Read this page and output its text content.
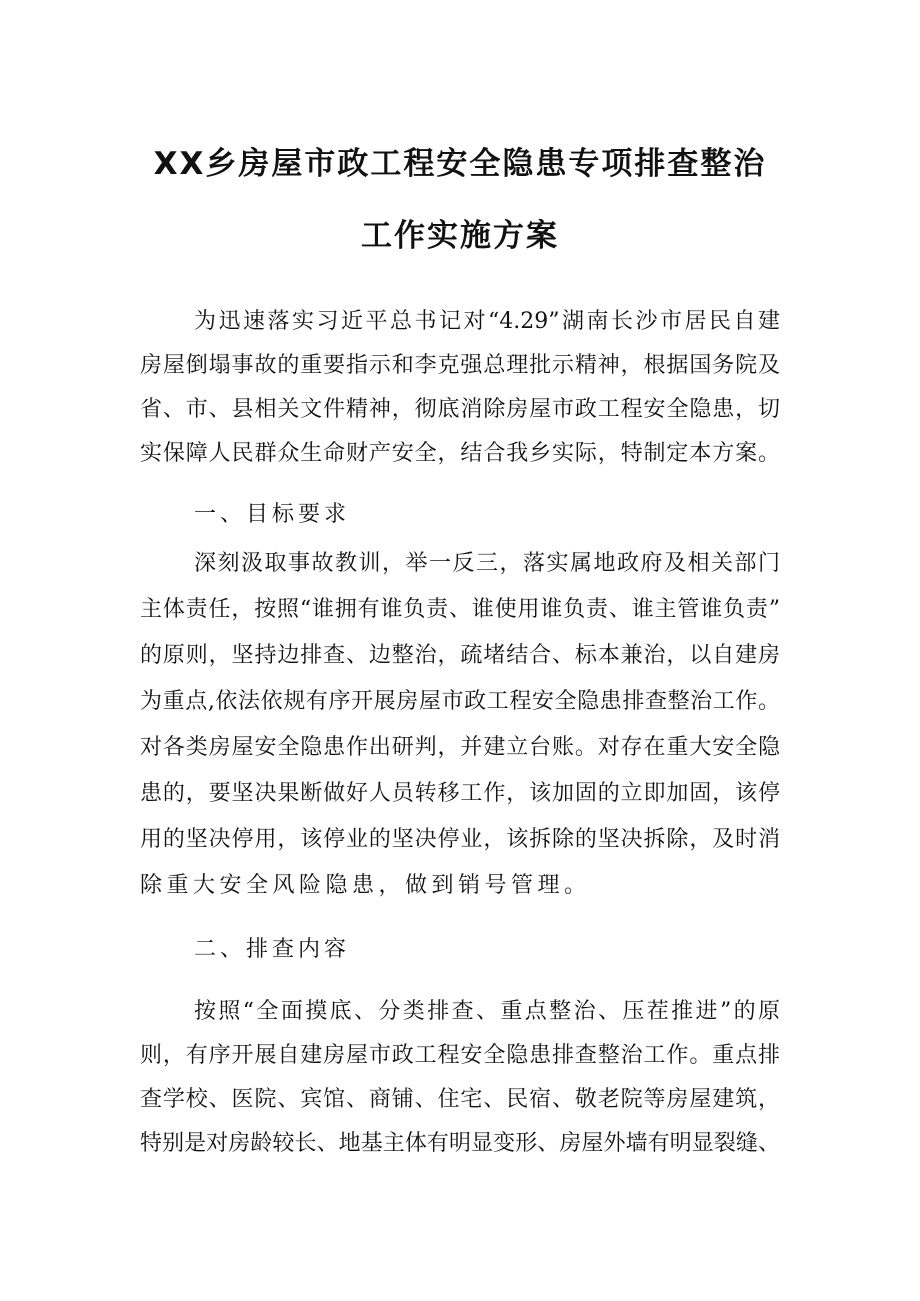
XX乡房屋市政工程安全隐患专项排查整治
工作实施方案
为迅速落实习近平总书记对“4.29”湖南长沙市居民自建
房屋倒塌事故的重要指示和李克强总理批示精神，根据国务院及
省、市、县相关文件精神，彻底消除房屋市政工程安全隐患，切
实保障人民群众生命财产安全，结合我乡实际，特制定本方案。
一、目标要求
深刻汲取事故教训，举一反三，落实属地政府及相关部门
主体责任，按照“谁拥有谁负责、谁使用谁负责、谁主管谁负责”
的原则，坚持边排查、边整治，疏堵结合、标本兼治，以自建房
为重点,依法依规有序开展房屋市政工程安全隐患排查整治工作。
对各类房屋安全隐患作出研判，并建立台账。对存在重大安全隐
患的，要坚决果断做好人员转移工作，该加固的立即加固，该停
用的坚决停用，该停业的坚决停业，该拆除的坚决拆除，及时消
除重大安全风险隐患，做到销号管理。
二、排查内容
按照“全面摸底、分类排查、重点整治、压茬推进”的原
则，有序开展自建房屋市政工程安全隐患排查整治工作。重点排
查学校、医院、宾馆、商铺、住宅、民宿、敬老院等房屋建筑，
特别是对房龄较长、地基主体有明显变形、房屋外墙有明显裂缝、
